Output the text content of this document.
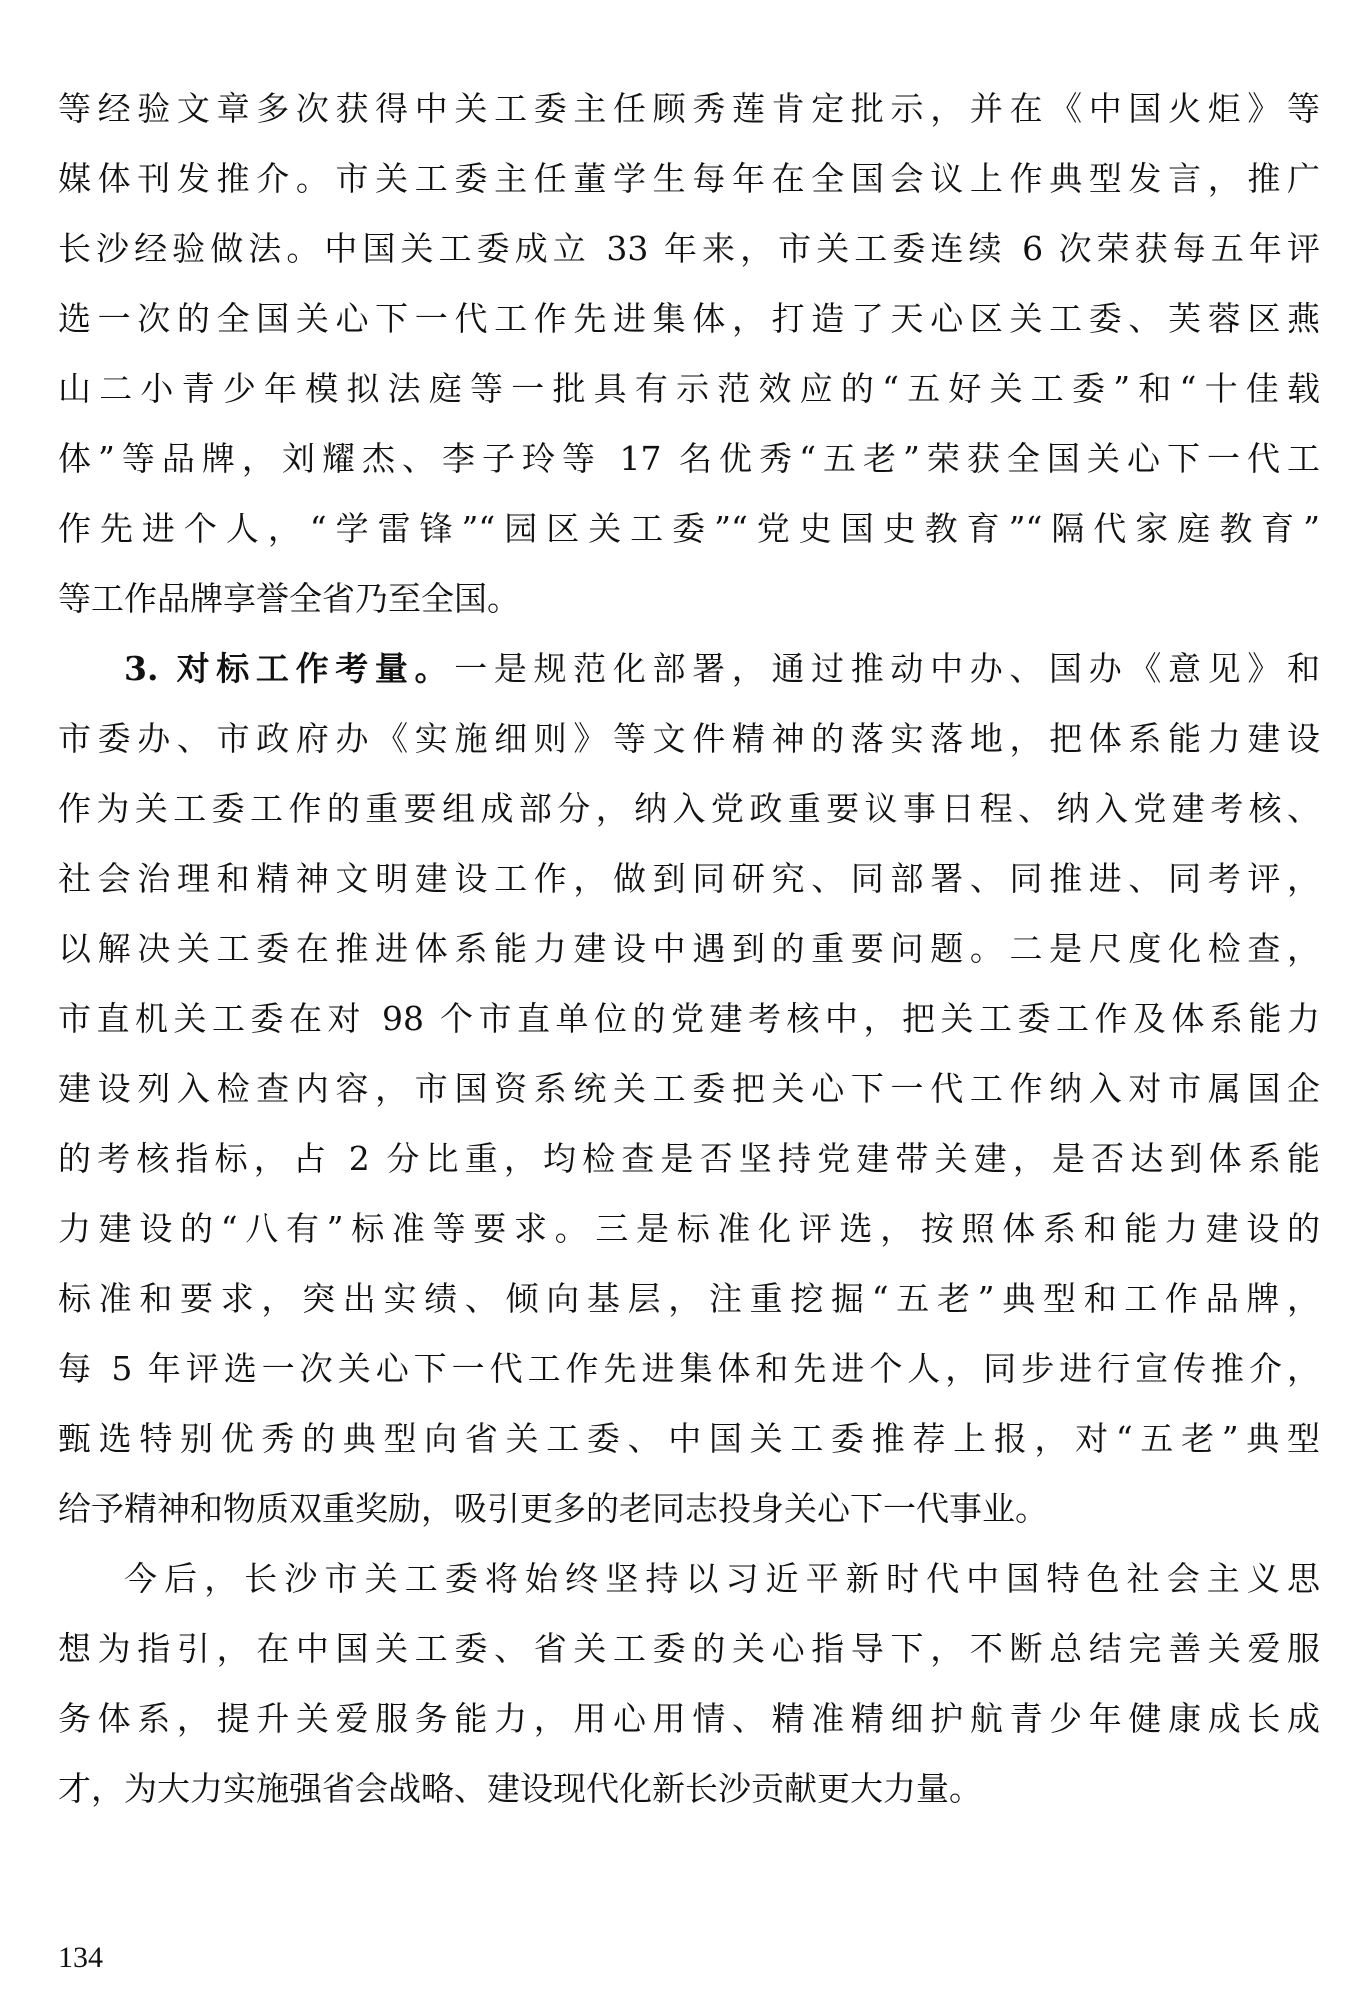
等经验文章多次获得中关工委主任顾秀莲肯定批示，并在《中国火炬》等
媒体刊发推介。市关工委主任董学生每年在全国会议上作典型发言，推广
长沙经验做法。中国关工委成立 33 年来，市关工委连续 6 次荣获每五年评
选一次的全国关心下一代工作先进集体，打造了天心区关工委、芙蓉区燕
山二小青少年模拟法庭等一批具有示范效应的“五好关工委”和“十佳载
体”等品牌，刘耀杰、李子玲等 17 名优秀“五老”荣获全国关心下一代工
作先进个人，“学雷锋”“园区关工委”“党史国史教育”“隔代家庭教育”
等工作品牌享誉全省乃至全国。
3. 对标工作考量。一是规范化部署，通过推动中办、国办《意见》和
市委办、市政府办《实施细则》等文件精神的落实落地，把体系能力建设
作为关工委工作的重要组成部分，纳入党政重要议事日程、纳入党建考核、
社会治理和精神文明建设工作，做到同研究、同部署、同推进、同考评，
以解决关工委在推进体系能力建设中遇到的重要问题。二是尺度化检查，
市直机关工委在对 98 个市直单位的党建考核中，把关工委工作及体系能力
建设列入检查内容，市国资系统关工委把关心下一代工作纳入对市属国企
的考核指标，占 2 分比重，均检查是否坚持党建带关建，是否达到体系能
力建设的“八有”标准等要求。三是标准化评选，按照体系和能力建设的
标准和要求，突出实绩、倾向基层，注重挖掘“五老”典型和工作品牌，
每 5 年评选一次关心下一代工作先进集体和先进个人，同步进行宣传推介，
甄选特别优秀的典型向省关工委、中国关工委推荐上报，对“五老”典型
给予精神和物质双重奖励，吸引更多的老同志投身关心下一代事业。
今后，长沙市关工委将始终坚持以习近平新时代中国特色社会主义思
想为指引，在中国关工委、省关工委的关心指导下，不断总结完善关爱服
务体系，提升关爱服务能力，用心用情、精准精细护航青少年健康成长成
才，为大力实施强省会战略、建设现代化新长沙贡献更大力量。
134
